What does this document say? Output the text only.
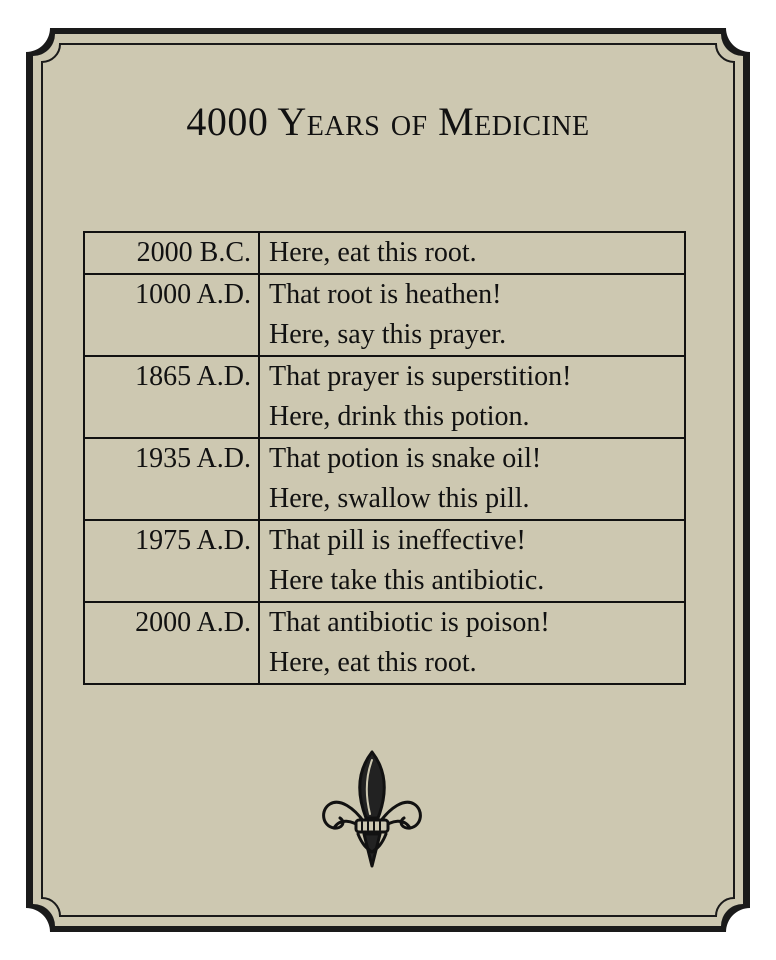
4000 Years of Medicine
2000 B.C.	Here, eat this root.

1000 A.D.	That root is heathen!
Here, say this prayer.

1865 A.D.	That prayer is superstition!
Here, drink this potion.

1935 A.D.	That potion is snake oil!
Here, swallow this pill.

1975 A.D.	That pill is ineffective!
Here take this antibiotic.

2000 A.D.	That antibiotic is poison!
Here, eat this root.
